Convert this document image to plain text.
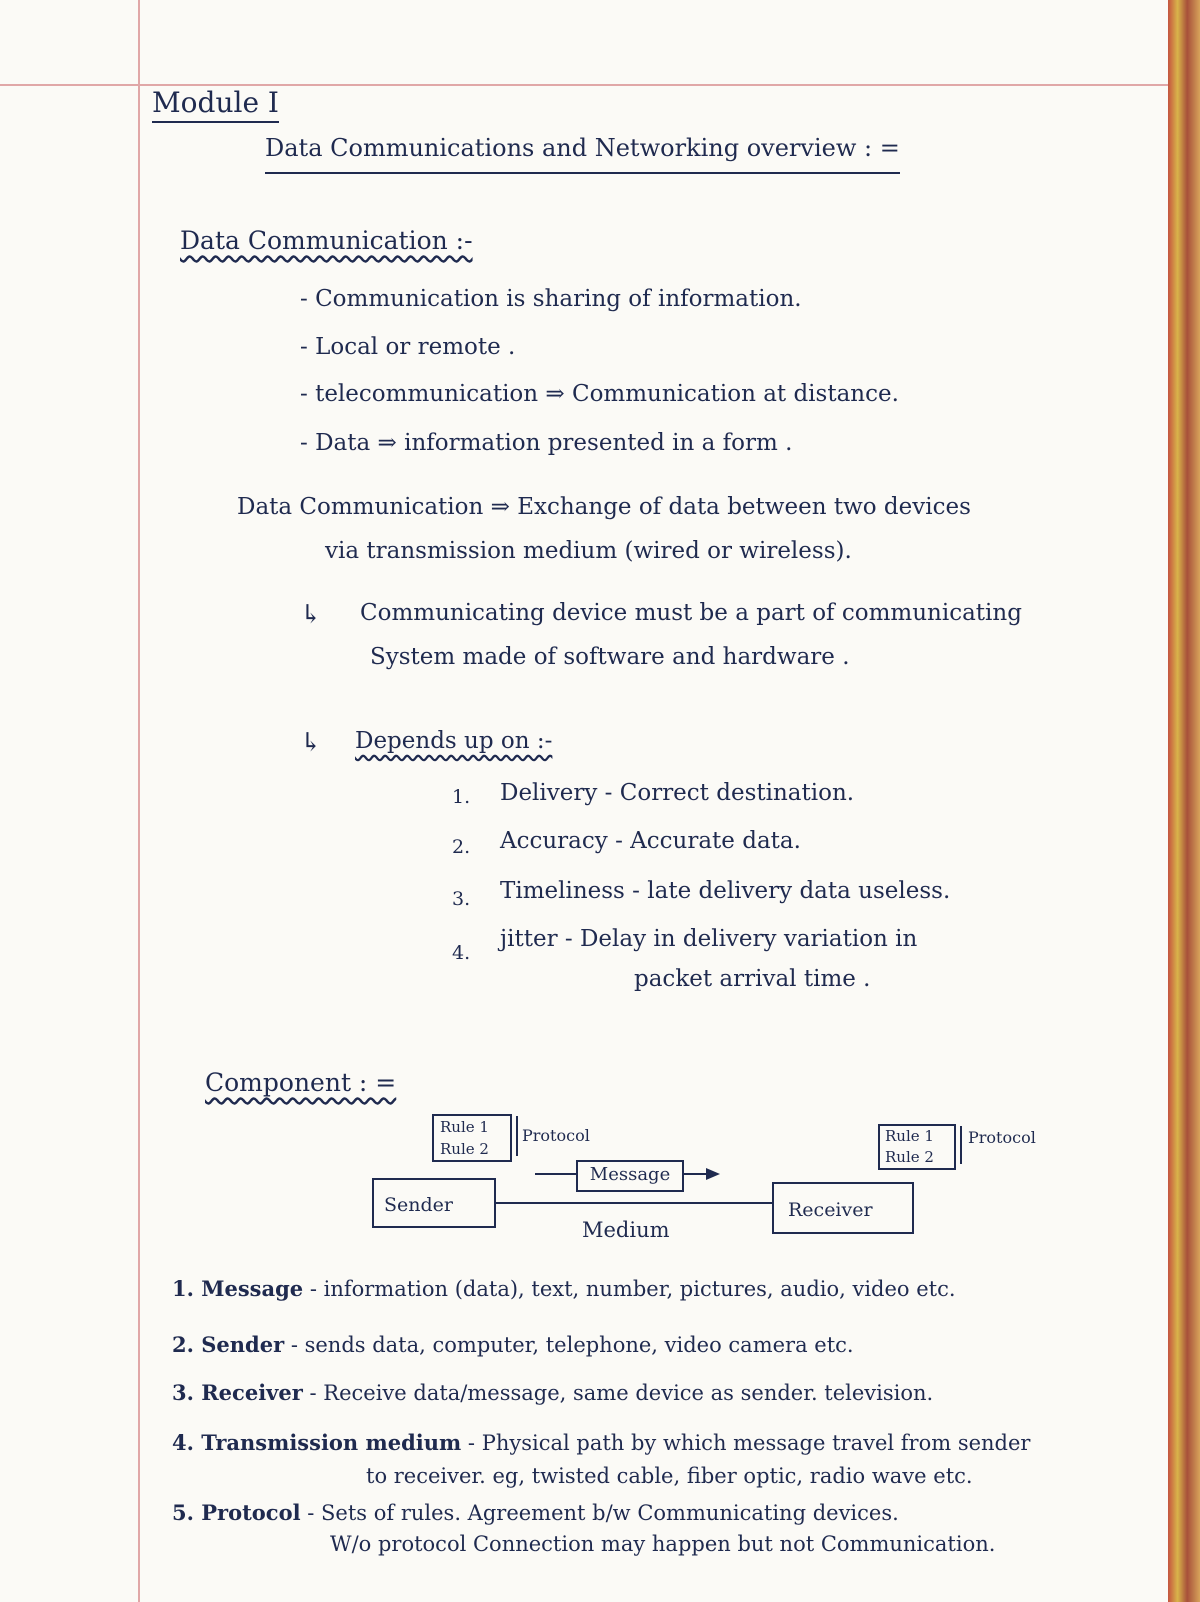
Module I
Data Communications and Networking overview : =
Data Communication :-
- Communication is sharing of information.
- Local or remote .
- telecommunication ⇒ Communication at distance.
- Data ⇒ information presented in a form .
Data Communication ⇒ Exchange of data between two devices
via transmission medium (wired or wireless).
↳ Communicating device must be a part of communicating
System made of software and hardware .
↳ Depends up on :-
1. Delivery - Correct destination.
2. Accuracy - Accurate data.
3. Timeliness - late delivery data useless.
4.
jitter - Delay in delivery variation in
packet arrival time .
Component : =
Rule 1
Rule 2
Protocol	Rule 1
Rule 2
Protocol
Message
Sender	Receiver
Medium
1. Message - information (data), text, number, pictures, audio, video etc.
2. Sender - sends data, computer, telephone, video camera etc.
3. Receiver - Receive data/message, same device as sender. television.
4. Transmission medium - Physical path by which message travel from sender
to receiver. eg, twisted cable, fiber optic, radio wave etc.
5. Protocol - Sets of rules. Agreement b/w Communicating devices.
W/o protocol Connection may happen but not Communication.
